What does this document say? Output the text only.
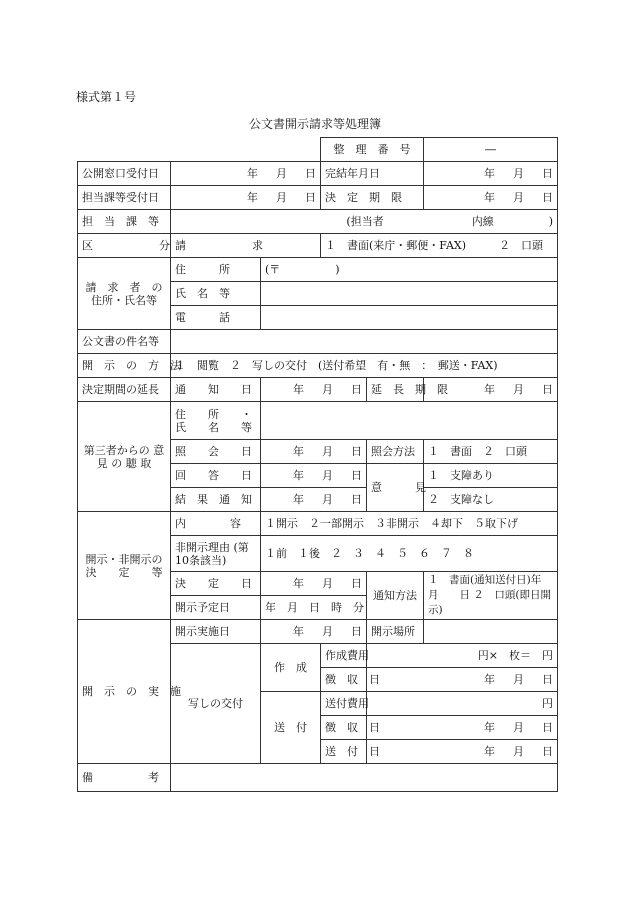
様式第１号
公文書開示請求等処理簿
			整　理　番　号		―
公開窓口受付日	年 月 日		完結年月日		年 月 日
担当課等受付日	年 月 日		決　定　期　限		年 月 日
担　当　課　等	(担当者　　　　　　　　内線　　　　　)				
区　　　　　　分	請　　　　　　求		１　書面(来庁・郵便・FAX)　　　 ２　口頭		
請　求　者　の 住所・氏名等	住　　　所	(〒　　　　　)			
	氏　名　等				
	電　　　話				
公文書の件名等					
開　示　の　方　法	１　閲覧　２　写しの交付　(送付希望　有・無　：　郵送・FAX)				
決定期間の延長	通　　知　　日	年 月 日		延　長　期　限	年 月 日
第三者からの 意 見 の 聴 取	住　　所　　・ 氏　　名　　等				
	照　　会　　日	年 月 日		照会方法	１　書面　２　口頭
	回　　答　　日	年 月 日		意　　　見	１　支障あり
	結　果　通　知	年 月 日			２　支障なし
開示・非開示の 決　　定　　等	内　　　　容	１開示　２一部開示　３非開示　４却下　５取下げ			
	非開示理由 (第10条該当)	１前　１後　２　３　４　５　６　７　８			
	決　　定　　日	年 月 日		通知方法	１　書面(通知送付日)年　　月　　日 ２　口頭(即日開示)
	開示予定日	年　月　日　時　分			
開　示　の　実　施	開示実施日	年 月 日		開示場所	
	写しの交付	作　成	作成費用	円×　枚＝　円	
			徴　収　日	年 月 日	
		送　付	送付費用	円	
			徴　収　日	年 月 日	
			送　付　日	年 月 日	
備　　　　　考					
